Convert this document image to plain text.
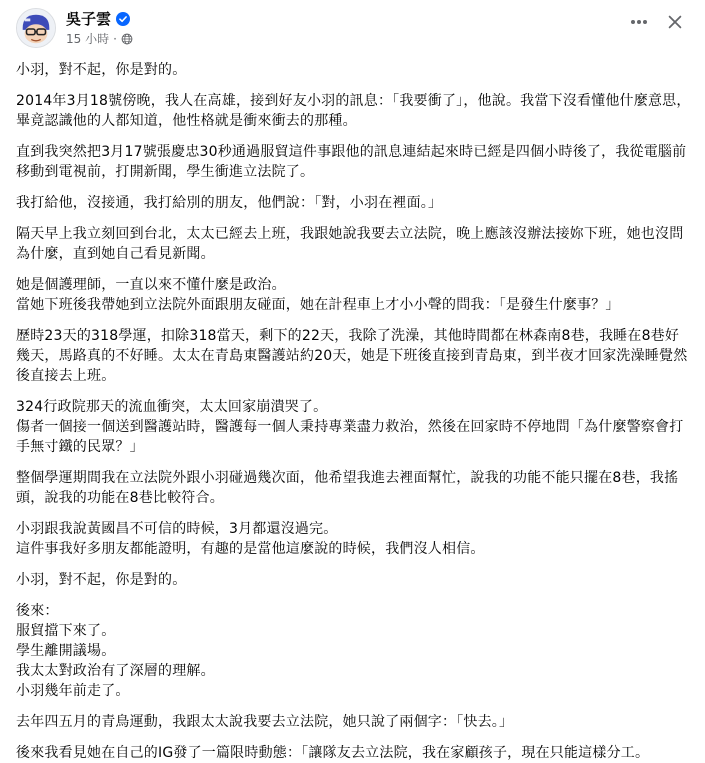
吳子雲
15 小時 ·
小羽，對不起，你是對的。
2014年3月18號傍晚，我人在高雄，接到好友小羽的訊息：「我要衝了」，他說。我當下沒看懂他什麼意思，畢竟認識他的人都知道，他性格就是衝來衝去的那種。
直到我突然把3月17號張慶忠30秒通過服貿這件事跟他的訊息連結起來時已經是四個小時後了，我從電腦前移動到電視前，打開新聞，學生衝進立法院了。
我打給他，沒接通，我打給別的朋友，他們說：「對，小羽在裡面。」
隔天早上我立刻回到台北，太太已經去上班，我跟她說我要去立法院，晚上應該沒辦法接妳下班，她也沒問為什麼，直到她自己看見新聞。
她是個護理師，一直以來不懂什麼是政治。
當她下班後我帶她到立法院外面跟朋友碰面，她在計程車上才小小聲的問我：「是發生什麼事？」
歷時23天的318學運，扣除318當天，剩下的22天，我除了洗澡，其他時間都在林森南8巷，我睡在8巷好幾天，馬路真的不好睡。太太在青島東醫護站約20天，她是下班後直接到青島東，到半夜才回家洗澡睡覺然後直接去上班。
324行政院那天的流血衝突，太太回家崩潰哭了。
傷者一個接一個送到醫護站時，醫護每一個人秉持專業盡力救治，然後在回家時不停地問「為什麼警察會打手無寸鐵的民眾？」
整個學運期間我在立法院外跟小羽碰過幾次面，他希望我進去裡面幫忙，說我的功能不能只擺在8巷，我搖頭，說我的功能在8巷比較符合。
小羽跟我說黃國昌不可信的時候，3月都還沒過完。
這件事我好多朋友都能證明，有趣的是當他這麼說的時候，我們沒人相信。
小羽，對不起，你是對的。
後來：
服貿擋下來了。
學生離開議場。
我太太對政治有了深層的理解。
小羽幾年前走了。
去年四五月的青鳥運動，我跟太太說我要去立法院，她只說了兩個字：「快去。」
後來我看見她在自己的IG發了一篇限時動態：「讓隊友去立法院，我在家顧孩子，現在只能這樣分工。
